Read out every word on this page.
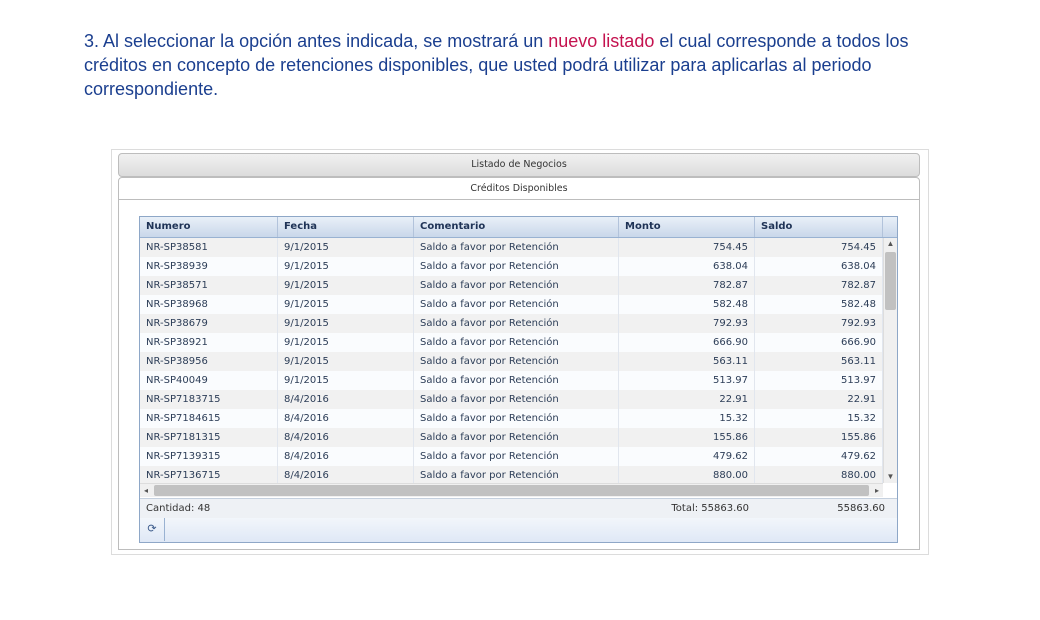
3. Al seleccionar la opción antes indicada, se mostrará un nuevo listado el cual corresponde a todos los créditos en concepto de retenciones disponibles, que usted podrá utilizar para aplicarlas al periodo correspondiente.
Listado de Negocios
Créditos Disponibles
Numero	Fecha	Comentario	Monto	Saldo
NR-SP38581	9/1/2015	Saldo a favor por Retención	754.45	754.45
NR-SP38939	9/1/2015	Saldo a favor por Retención	638.04	638.04
NR-SP38571	9/1/2015	Saldo a favor por Retención	782.87	782.87
NR-SP38968	9/1/2015	Saldo a favor por Retención	582.48	582.48
NR-SP38679	9/1/2015	Saldo a favor por Retención	792.93	792.93
NR-SP38921	9/1/2015	Saldo a favor por Retención	666.90	666.90
NR-SP38956	9/1/2015	Saldo a favor por Retención	563.11	563.11
NR-SP40049	9/1/2015	Saldo a favor por Retención	513.97	513.97
NR-SP7183715	8/4/2016	Saldo a favor por Retención	22.91	22.91
NR-SP7184615	8/4/2016	Saldo a favor por Retención	15.32	15.32
NR-SP7181315	8/4/2016	Saldo a favor por Retención	155.86	155.86
NR-SP7139315	8/4/2016	Saldo a favor por Retención	479.62	479.62
NR-SP7136715	8/4/2016	Saldo a favor por Retención	880.00	880.00
▲
▼
◂	▸
Cantidad: 48	Total: 55863.60	55863.60
⟳
